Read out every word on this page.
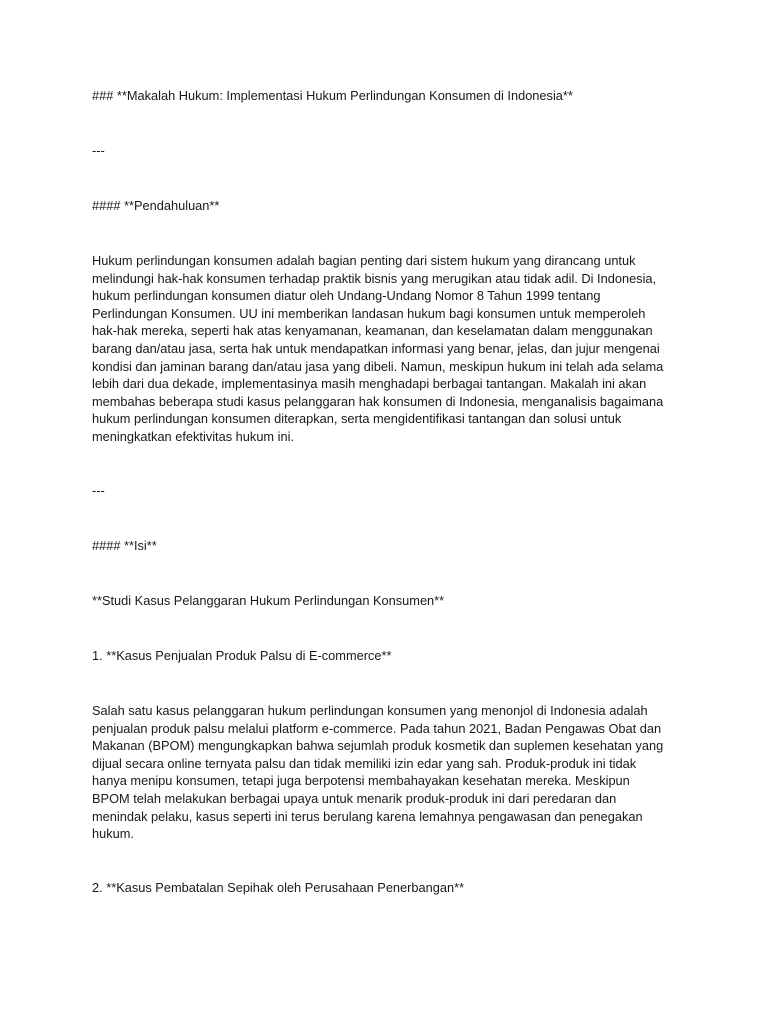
### **Makalah Hukum: Implementasi Hukum Perlindungan Konsumen di Indonesia**

---

#### **Pendahuluan**

Hukum perlindungan konsumen adalah bagian penting dari sistem hukum yang dirancang untuk
melindungi hak-hak konsumen terhadap praktik bisnis yang merugikan atau tidak adil. Di Indonesia,
hukum perlindungan konsumen diatur oleh Undang-Undang Nomor 8 Tahun 1999 tentang
Perlindungan Konsumen. UU ini memberikan landasan hukum bagi konsumen untuk memperoleh
hak-hak mereka, seperti hak atas kenyamanan, keamanan, dan keselamatan dalam menggunakan
barang dan/atau jasa, serta hak untuk mendapatkan informasi yang benar, jelas, dan jujur mengenai
kondisi dan jaminan barang dan/atau jasa yang dibeli. Namun, meskipun hukum ini telah ada selama
lebih dari dua dekade, implementasinya masih menghadapi berbagai tantangan. Makalah ini akan
membahas beberapa studi kasus pelanggaran hak konsumen di Indonesia, menganalisis bagaimana
hukum perlindungan konsumen diterapkan, serta mengidentifikasi tantangan dan solusi untuk
meningkatkan efektivitas hukum ini.

---

#### **Isi**

**Studi Kasus Pelanggaran Hukum Perlindungan Konsumen**

1. **Kasus Penjualan Produk Palsu di E-commerce**

Salah satu kasus pelanggaran hukum perlindungan konsumen yang menonjol di Indonesia adalah
penjualan produk palsu melalui platform e-commerce. Pada tahun 2021, Badan Pengawas Obat dan
Makanan (BPOM) mengungkapkan bahwa sejumlah produk kosmetik dan suplemen kesehatan yang
dijual secara online ternyata palsu dan tidak memiliki izin edar yang sah. Produk-produk ini tidak
hanya menipu konsumen, tetapi juga berpotensi membahayakan kesehatan mereka. Meskipun
BPOM telah melakukan berbagai upaya untuk menarik produk-produk ini dari peredaran dan
menindak pelaku, kasus seperti ini terus berulang karena lemahnya pengawasan dan penegakan
hukum.

2. **Kasus Pembatalan Sepihak oleh Perusahaan Penerbangan**
